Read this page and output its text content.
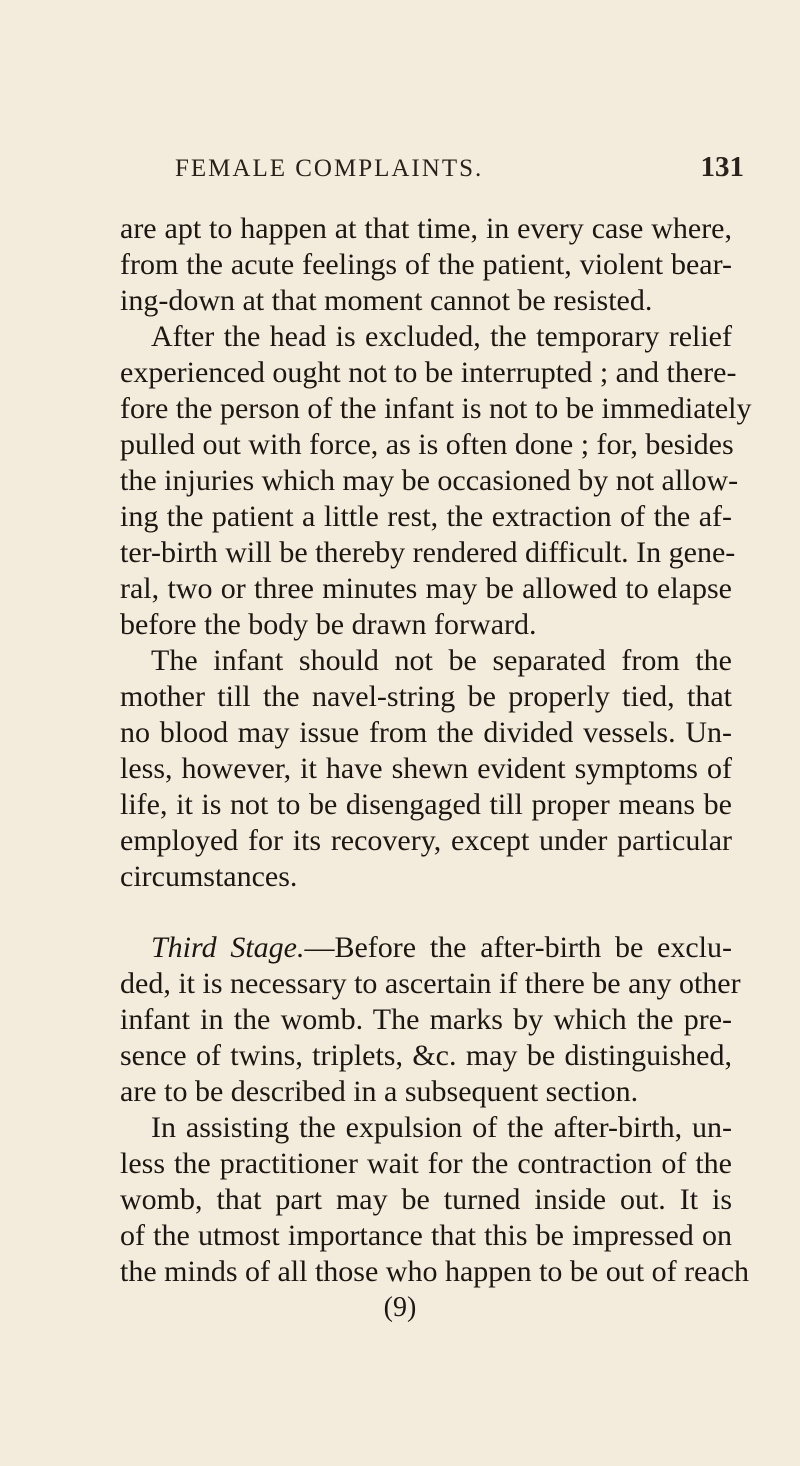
FEMALE COMPLAINTS.	131
are apt to happen at that time, in every case where,
from the acute feelings of the patient, violent bear-
ing-down at that moment cannot be resisted.
After the head is excluded, the temporary relief
experienced ought not to be interrupted ; and there-
fore the person of the infant is not to be immediately
pulled out with force, as is often done ; for, besides
the injuries which may be occasioned by not allow-
ing the patient a little rest, the extraction of the af-
ter-birth will be thereby rendered difficult. In gene-
ral, two or three minutes may be allowed to elapse
before the body be drawn forward.
The infant should not be separated from the
mother till the navel-string be properly tied, that
no blood may issue from the divided vessels. Un-
less, however, it have shewn evident symptoms of
life, it is not to be disengaged till proper means be
employed for its recovery, except under particular
circumstances.
Third Stage.—Before the after-birth be exclu-
ded, it is necessary to ascertain if there be any other
infant in the womb. The marks by which the pre-
sence of twins, triplets, &c. may be distinguished,
are to be described in a subsequent section.
In assisting the expulsion of the after-birth, un-
less the practitioner wait for the contraction of the
womb, that part may be turned inside out. It is
of the utmost importance that this be impressed on
the minds of all those who happen to be out of reach
(9)
